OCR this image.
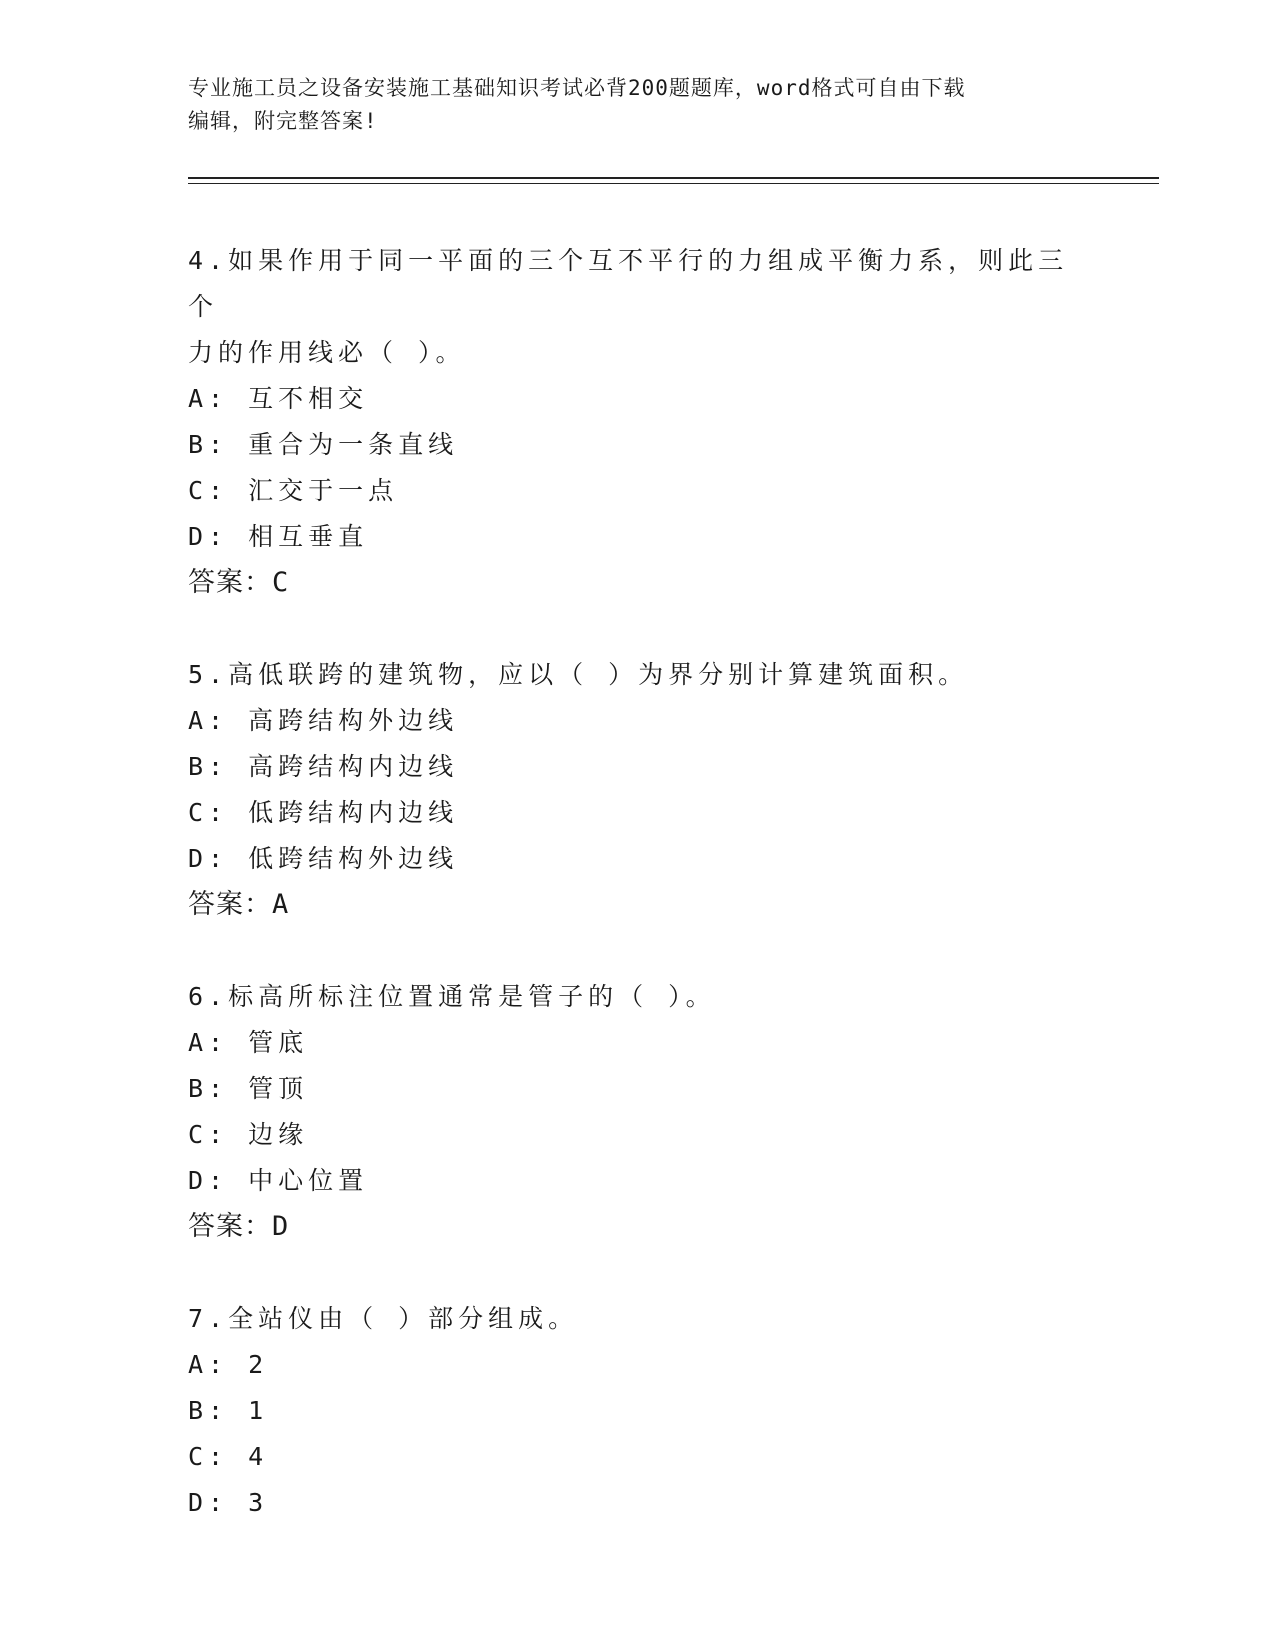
专业施工员之设备安装施工基础知识考试必背200题题库，word格式可自由下载
编辑，附完整答案!
4.如果作用于同一平面的三个互不平行的力组成平衡力系，则此三个
力的作用线必（ ）。
A: 互不相交
B: 重合为一条直线
C: 汇交于一点
D: 相互垂直
答案：C
5.高低联跨的建筑物，应以（ ）为界分别计算建筑面积。
A: 高跨结构外边线
B: 高跨结构内边线
C: 低跨结构内边线
D: 低跨结构外边线
答案：A
6.标高所标注位置通常是管子的（ ）。
A: 管底
B: 管顶
C: 边缘
D: 中心位置
答案：D
7.全站仪由（ ）部分组成。
A: 2
B: 1
C: 4
D: 3
